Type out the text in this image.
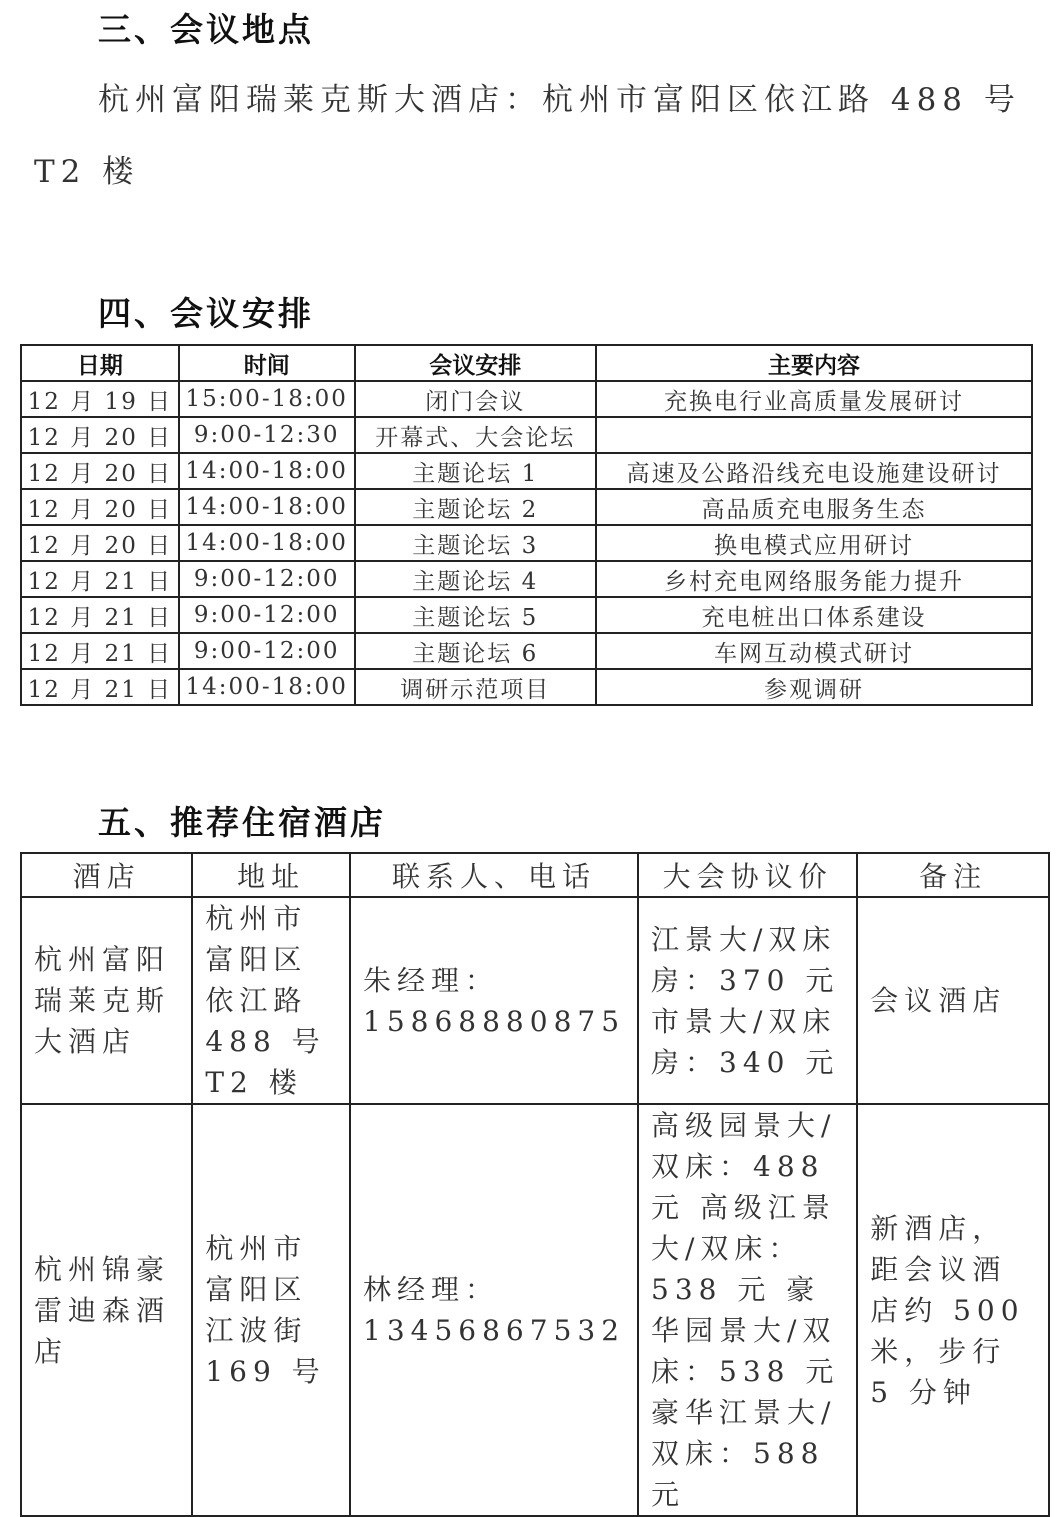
三、会议地点
杭州富阳瑞莱克斯大酒店：杭州市富阳区依江路 488 号
T2 楼
四、会议安排
日期	时间	会议安排	主要内容
12 月 19 日	15:00-18:00	闭门会议	充换电行业高质量发展研讨
12 月 20 日	9:00-12:30	开幕式、大会论坛	
12 月 20 日	14:00-18:00	主题论坛 1	高速及公路沿线充电设施建设研讨
12 月 20 日	14:00-18:00	主题论坛 2	高品质充电服务生态
12 月 20 日	14:00-18:00	主题论坛 3	换电模式应用研讨
12 月 21 日	9:00-12:00	主题论坛 4	乡村充电网络服务能力提升
12 月 21 日	9:00-12:00	主题论坛 5	充电桩出口体系建设
12 月 21 日	9:00-12:00	主题论坛 6	车网互动模式研讨
12 月 21 日	14:00-18:00	调研示范项目	参观调研
五、推荐住宿酒店
酒店	地址	联系人、电话	大会协议价	备注

杭州富阳瑞莱克斯大酒店	杭州市富阳区依江路 488 号 T2 楼	朱经理：15868880875	江景大/双床房：370 元 市景大/双床房：340 元	会议酒店

杭州锦豪雷迪森酒店	杭州市富阳区江波街 169 号	林经理：13456867532	高级园景大/双床：488 元 高级江景大/双床：538 元 豪华园景大/双床：538 元 豪华江景大/双床：588 元	新酒店，距会议酒店约 500 米，步行 5 分钟
